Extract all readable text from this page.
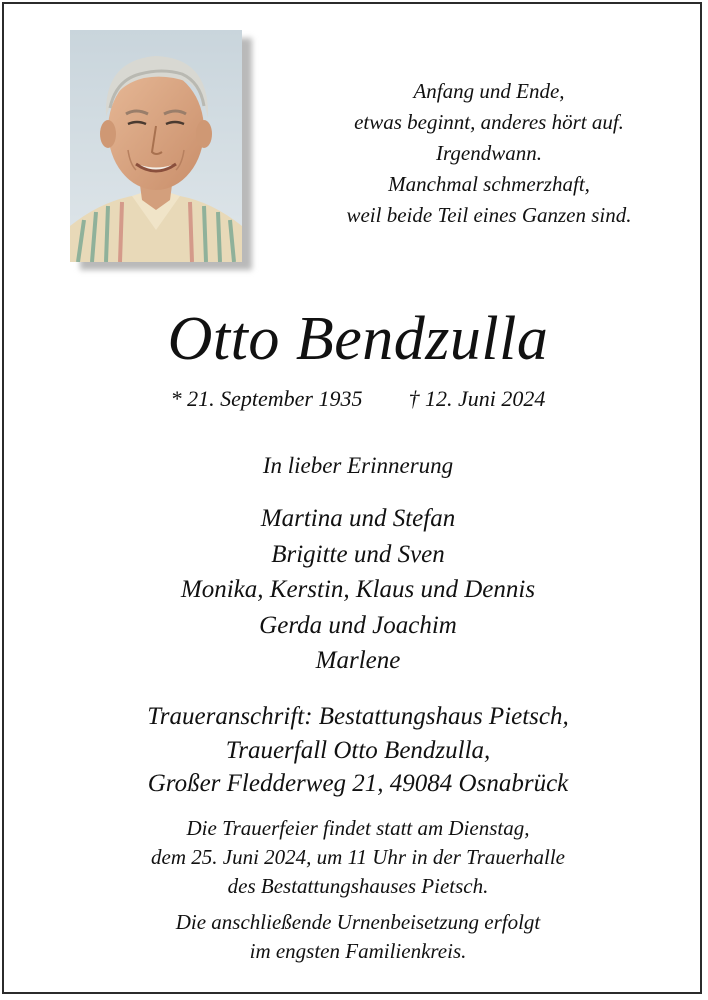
Anfang und Ende,
etwas beginnt, anderes hört auf.
Irgendwann.
Manchmal schmerzhaft,
weil beide Teil eines Ganzen sind.
Otto Bendzulla
* 21. September 1935 † 12. Juni 2024
In lieber Erinnerung
Martina und Stefan
Brigitte und Sven
Monika, Kerstin, Klaus und Dennis
Gerda und Joachim
Marlene
Traueranschrift: Bestattungshaus Pietsch,
Trauerfall Otto Bendzulla,
Großer Fledderweg 21, 49084 Osnabrück
Die Trauerfeier findet statt am Dienstag,
dem 25. Juni 2024, um 11 Uhr in der Trauerhalle
des Bestattungshauses Pietsch.
Die anschließende Urnenbeisetzung erfolgt
im engsten Familienkreis.
